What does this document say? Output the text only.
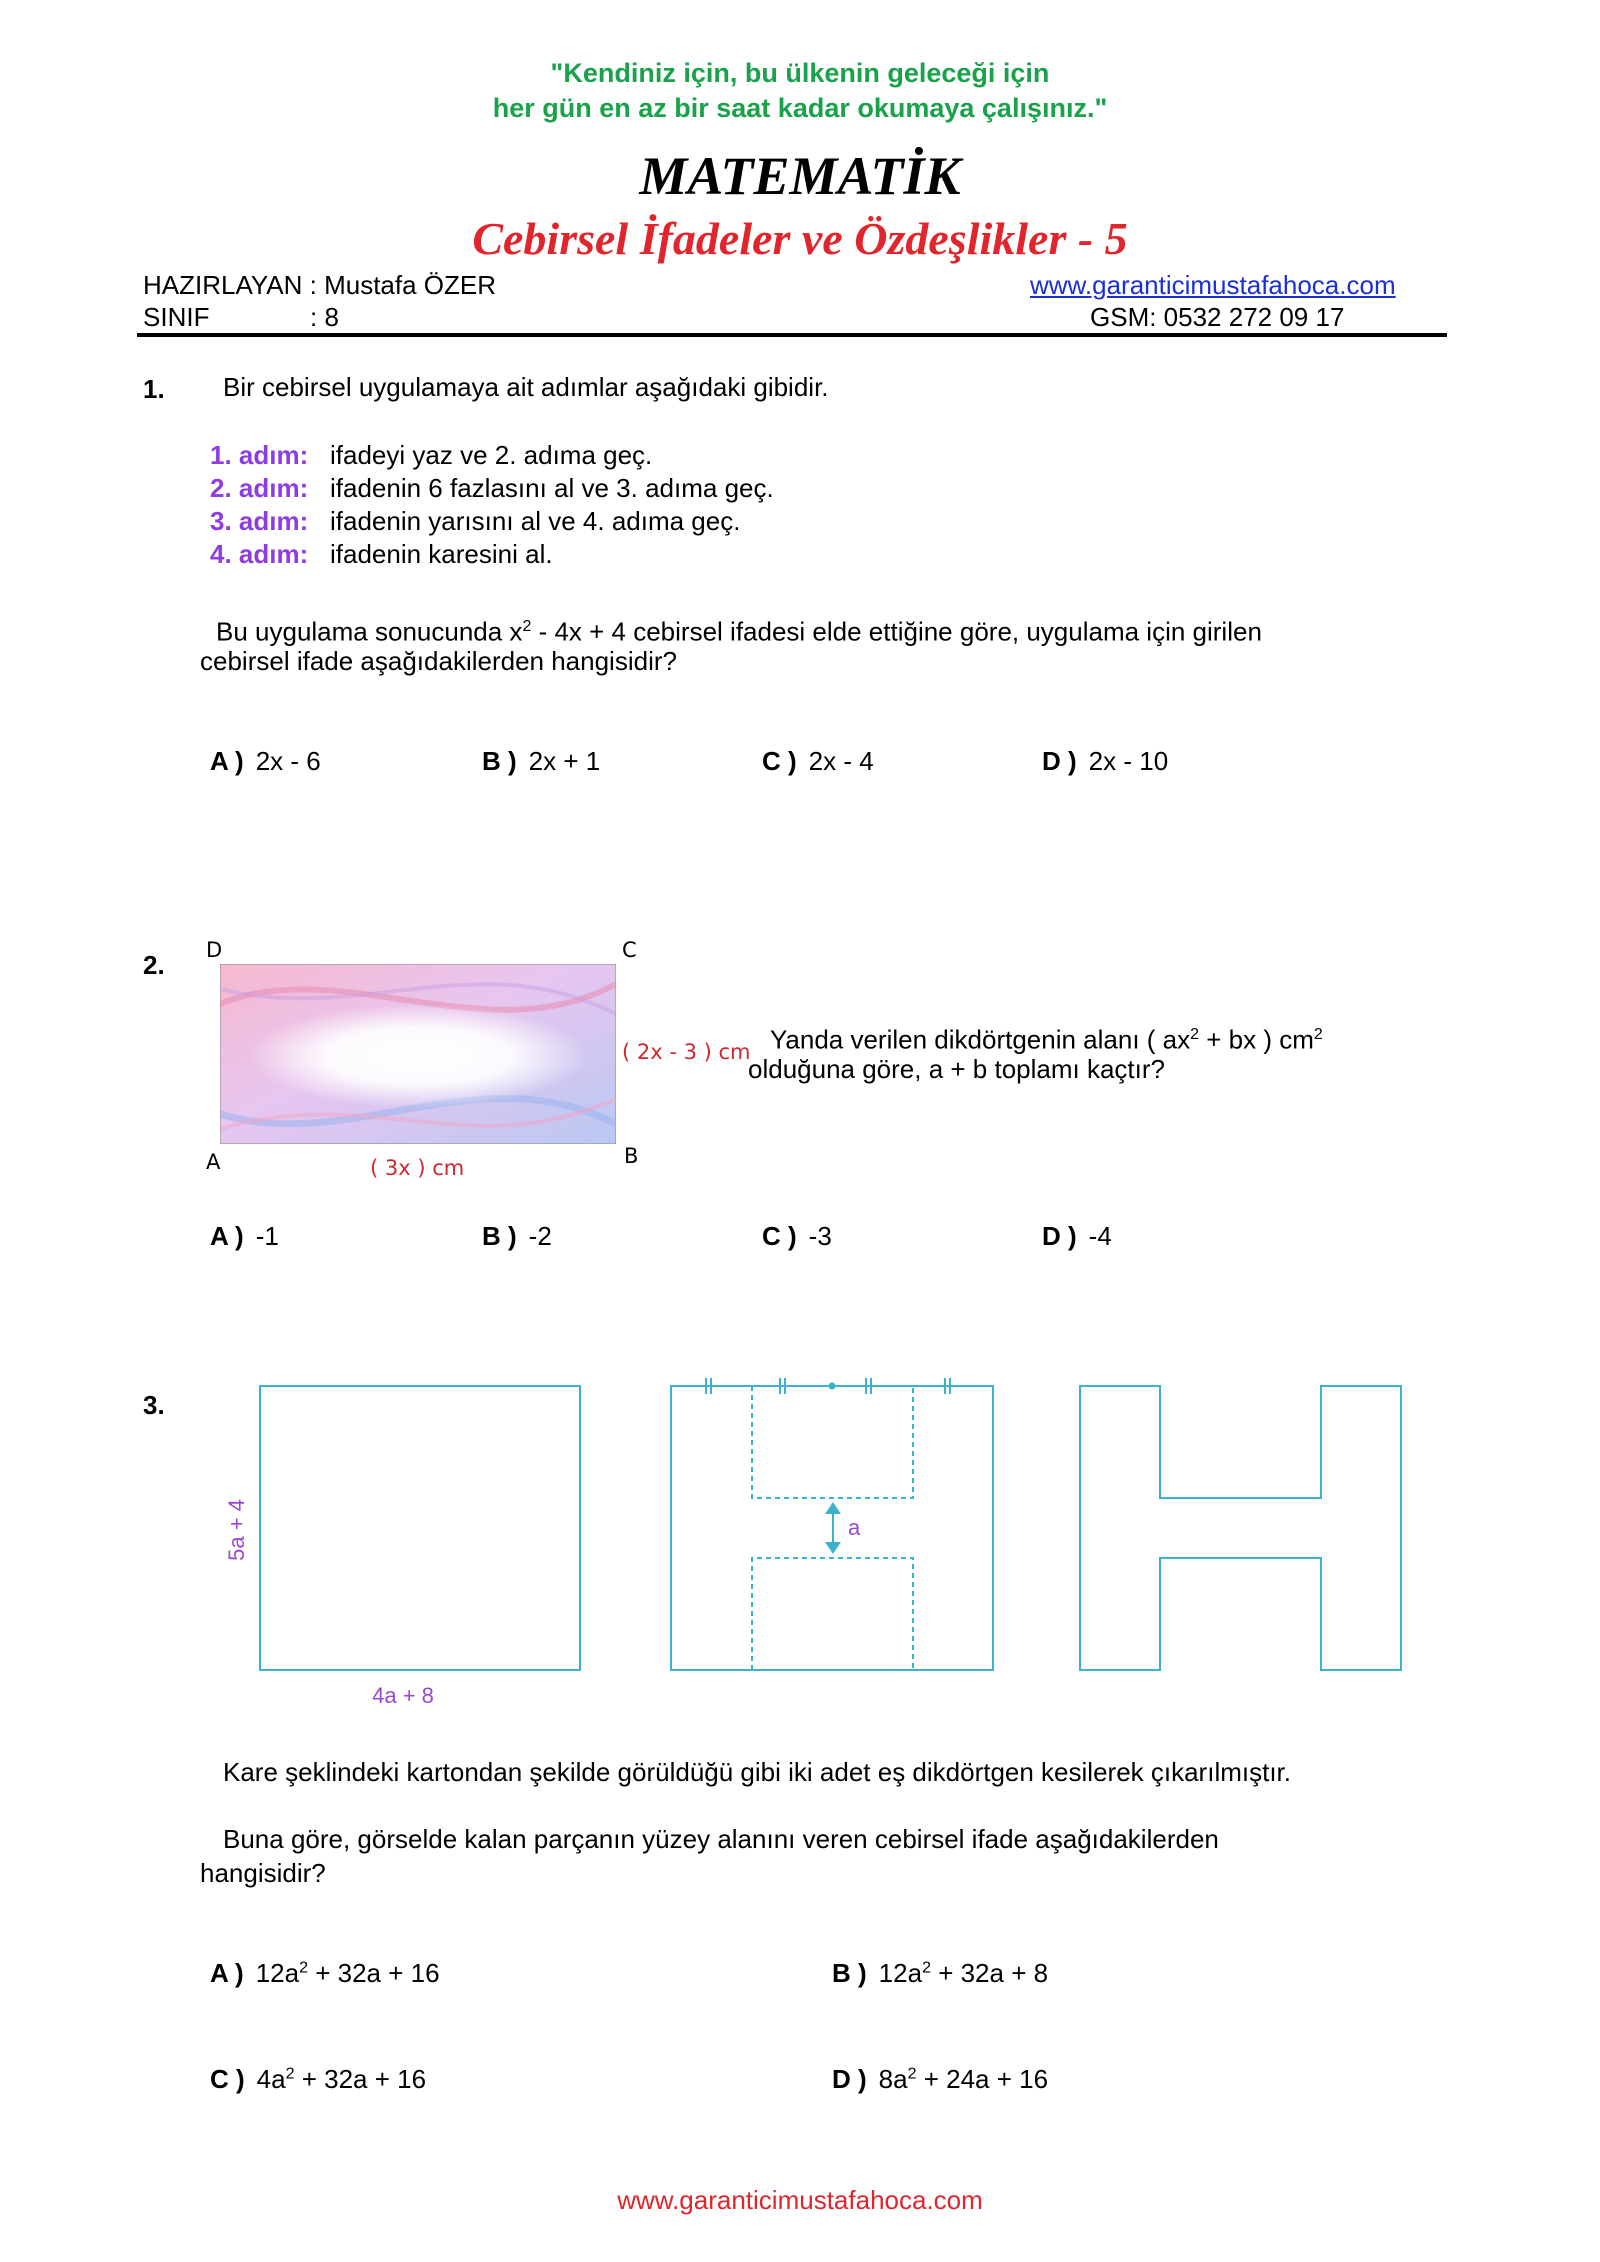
"Kendiniz için, bu ülkenin geleceği için
her gün en az bir saat kadar okumaya çalışınız."
MATEMATİK
Cebirsel İfadeler ve Özdeşlikler - 5
HAZIRLAYAN : Mustafa ÖZER
SINIF	: 8
www.garanticimustafahoca.com
GSM: 0532 272 09 17
1. Bir cebirsel uygulamaya ait adımlar aşağıdaki gibidir.
1. adım: ifadeyi yaz ve 2. adıma geç.
2. adım: ifadenin 6 fazlasını al ve 3. adıma geç.
3. adım: ifadenin yarısını al ve 4. adıma geç.
4. adım: ifadenin karesini al.
Bu uygulama sonucunda $x^2 - 4x + 4$ cebirsel ifadesi elde ettiğine göre, uygulama için girilen
cebirsel ifade aşağıdakilerden hangisidir?
A ) 2x - 6	B ) 2x + 1	C ) 2x - 4	D ) 2x - 10
2. D	C
A	B
( 2x - 3 ) cm
( 3x ) cm
Yanda verilen dikdörtgenin alanı ( $ax^2$ + bx ) $cm^2$
olduğuna göre, a + b toplamı kaçtır?
A ) -1	B ) -2	C ) -3	D ) -4
3.
5a + 4
4a + 8
a
Kare şeklindeki kartondan şekilde görüldüğü gibi iki adet eş dikdörtgen kesilerek çıkarılmıştır.
Buna göre, görselde kalan parçanın yüzey alanını veren cebirsel ifade aşağıdakilerden
hangisidir?
A ) $12a^2 + 32a + 16$	B ) $12a^2 + 32a + 8$
C ) $4a^2 + 32a + 16$	D ) $8a^2 + 24a + 16$
www.garanticimustafahoca.com
